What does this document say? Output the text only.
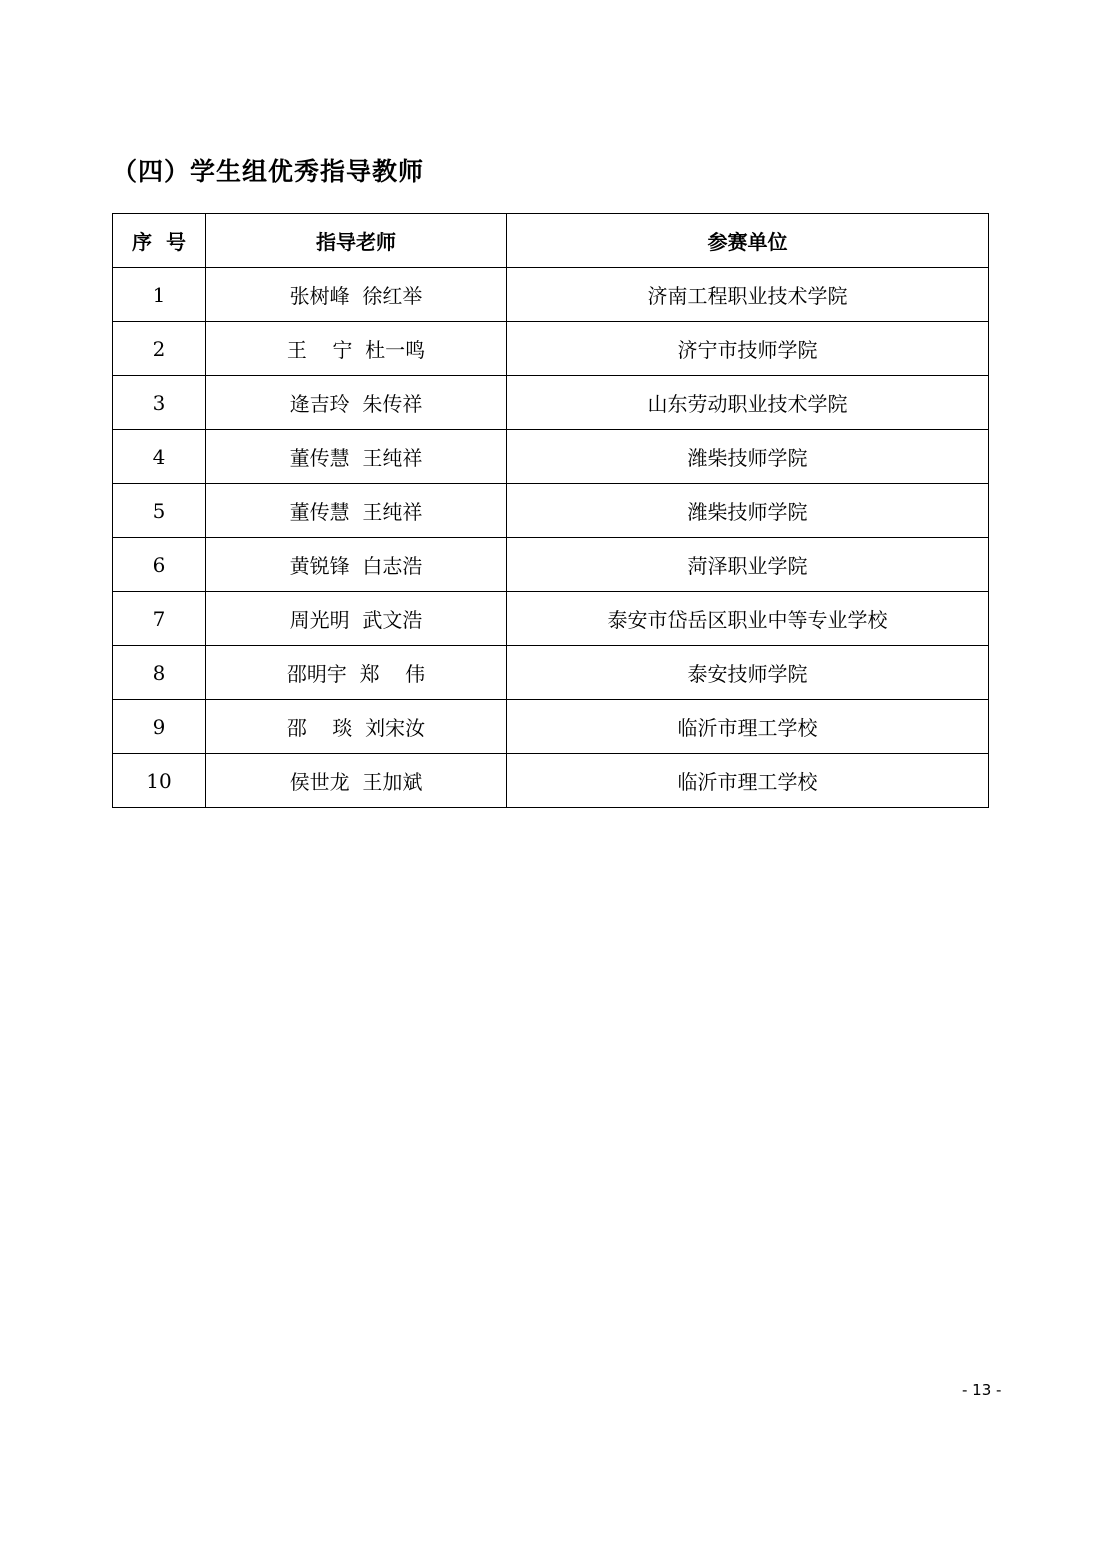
（四）学生组优秀指导教师
序  号	指导老师	参赛单位
1	张树峰  徐红举	济南工程职业技术学院
2	王    宁  杜一鸣	济宁市技师学院
3	逄吉玲  朱传祥	山东劳动职业技术学院
4	董传慧  王纯祥	潍柴技师学院
5	董传慧  王纯祥	潍柴技师学院
6	黄锐锋  白志浩	菏泽职业学院
7	周光明  武文浩	泰安市岱岳区职业中等专业学校
8	邵明宇  郑    伟	泰安技师学院
9	邵    琰  刘宋汝	临沂市理工学校
10	侯世龙  王加斌	临沂市理工学校
- 13 -
